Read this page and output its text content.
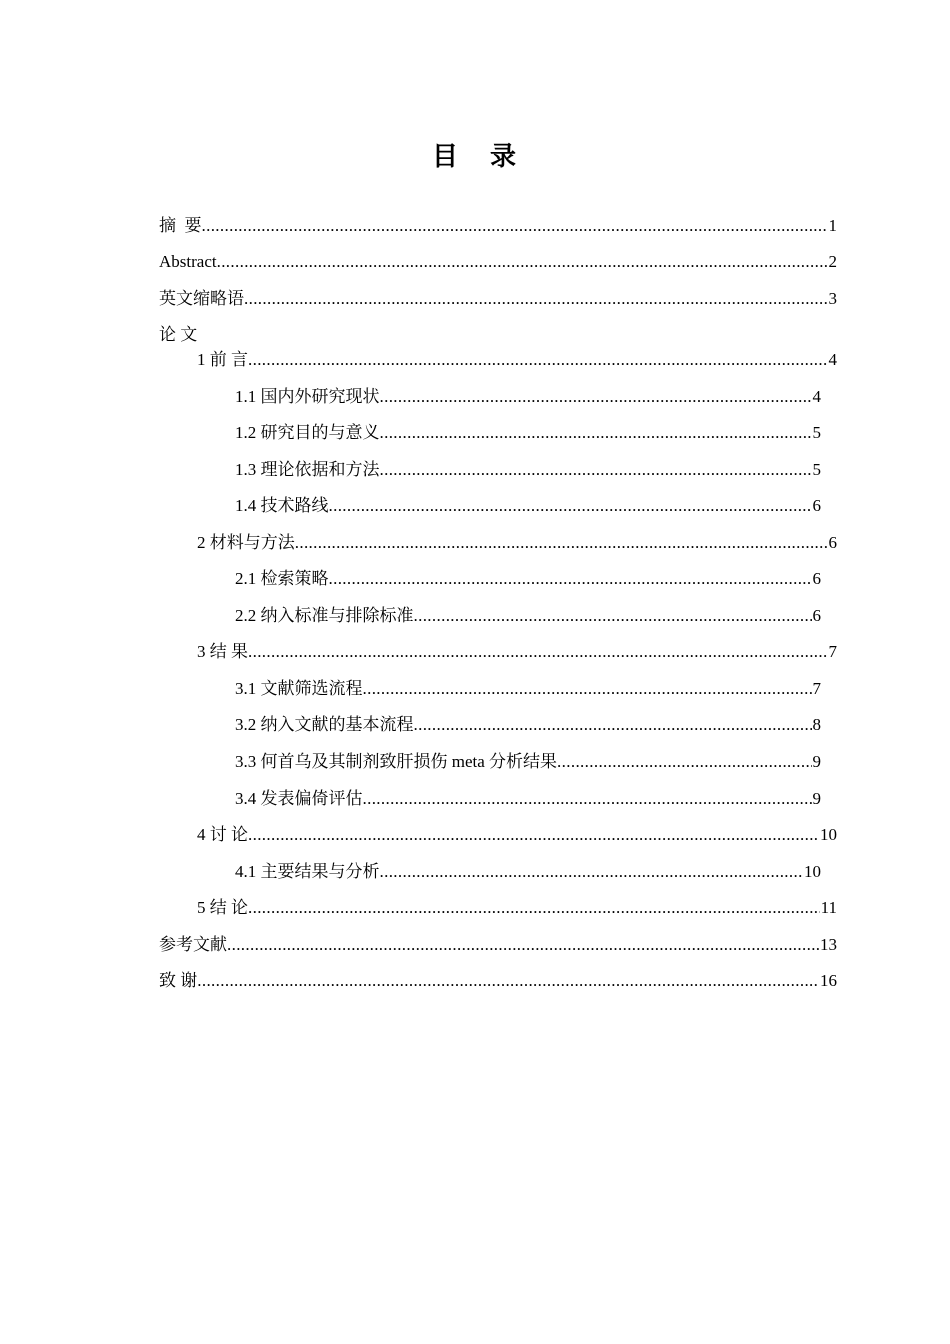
目 录
摘  要 .....	1
Abstract .....	2
英文缩略语 .....	3
论 文
1 前 言 .....	4
1.1 国内外研究现状 .....	4
1.2 研究目的与意义 .....	5
1.3 理论依据和方法 .....	5
1.4 技术路线 .....	6
2 材料与方法 .....	6
2.1 检索策略 .....	6
2.2 纳入标准与排除标准 .....	6
3 结 果 .....	7
3.1 文献筛选流程 .....	7
3.2 纳入文献的基本流程 .....	8
3.3 何首乌及其制剂致肝损伤 meta 分析结果 .....	9
3.4 发表偏倚评估 .....	9
4 讨 论 .....	10
4.1 主要结果与分析 .....	10
5 结 论 .....	11
参考文献 .....	13
致 谢 .....	16
